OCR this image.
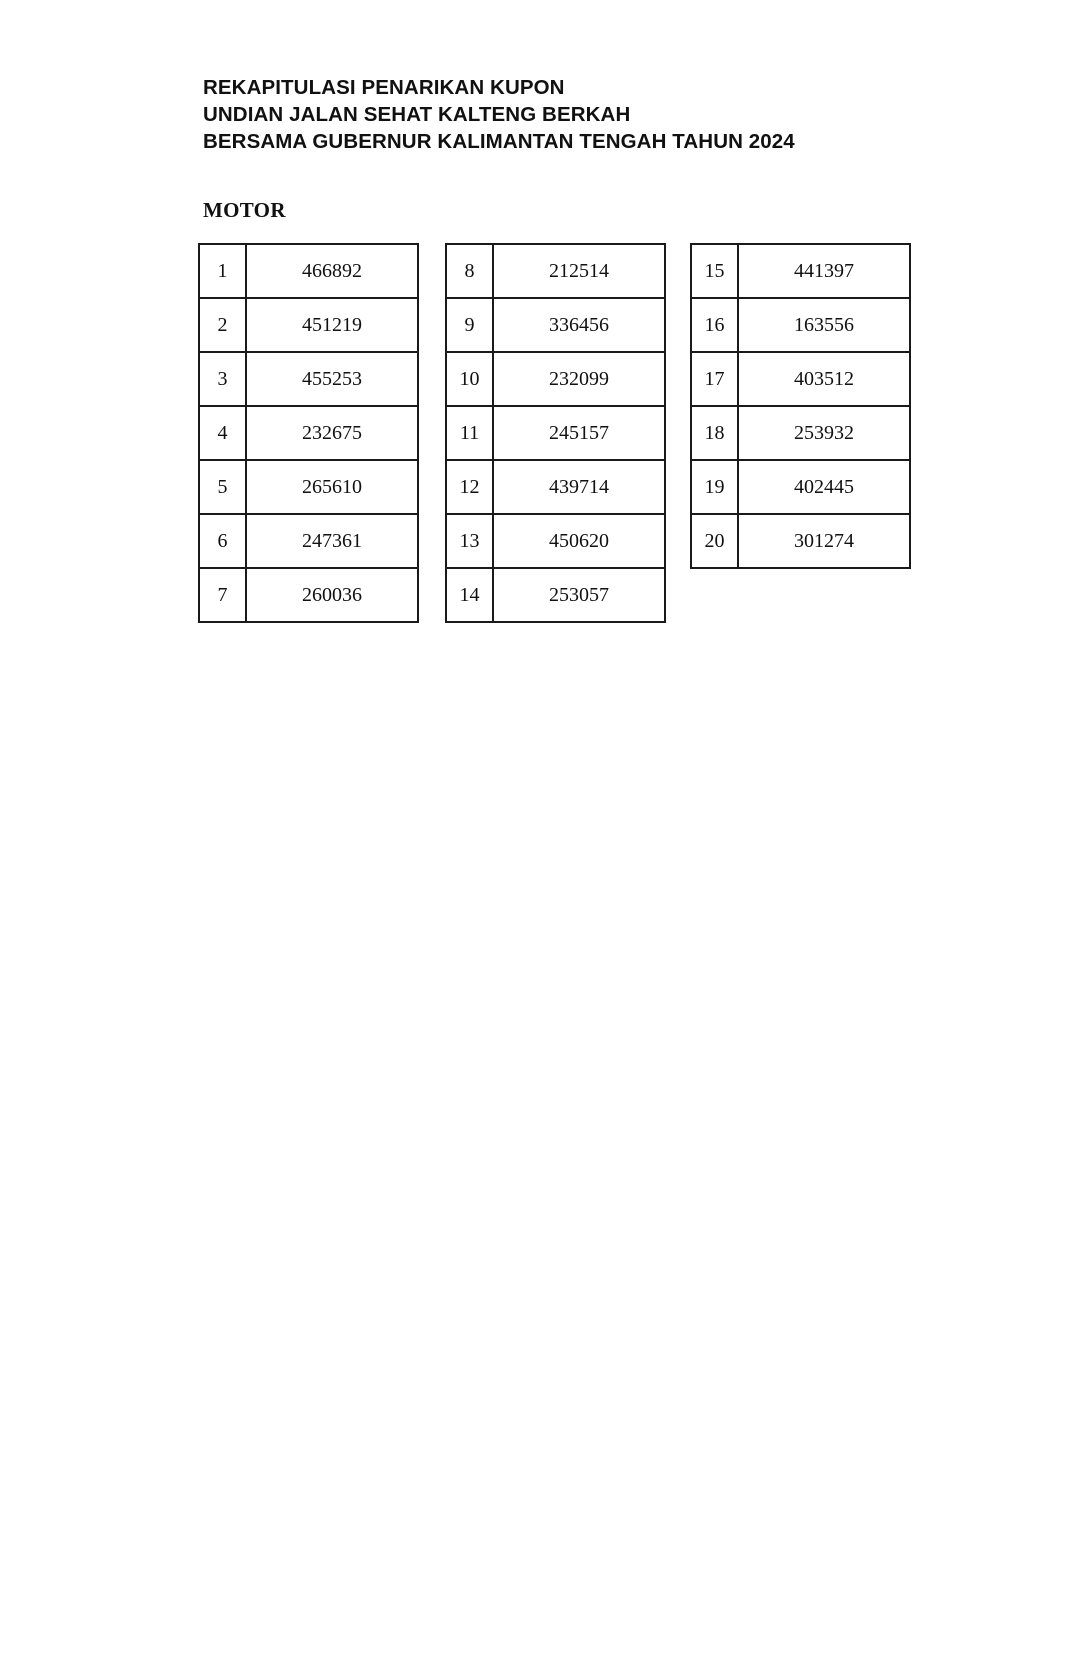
REKAPITULASI PENARIKAN KUPON
UNDIAN JALAN SEHAT KALTENG BERKAH
BERSAMA GUBERNUR KALIMANTAN TENGAH TAHUN 2024
MOTOR
1	466892
2	451219
3	455253
4	232675
5	265610
6	247361
7	260036
8	212514
9	336456
10	232099
11	245157
12	439714
13	450620
14	253057
15	441397
16	163556
17	403512
18	253932
19	402445
20	301274
